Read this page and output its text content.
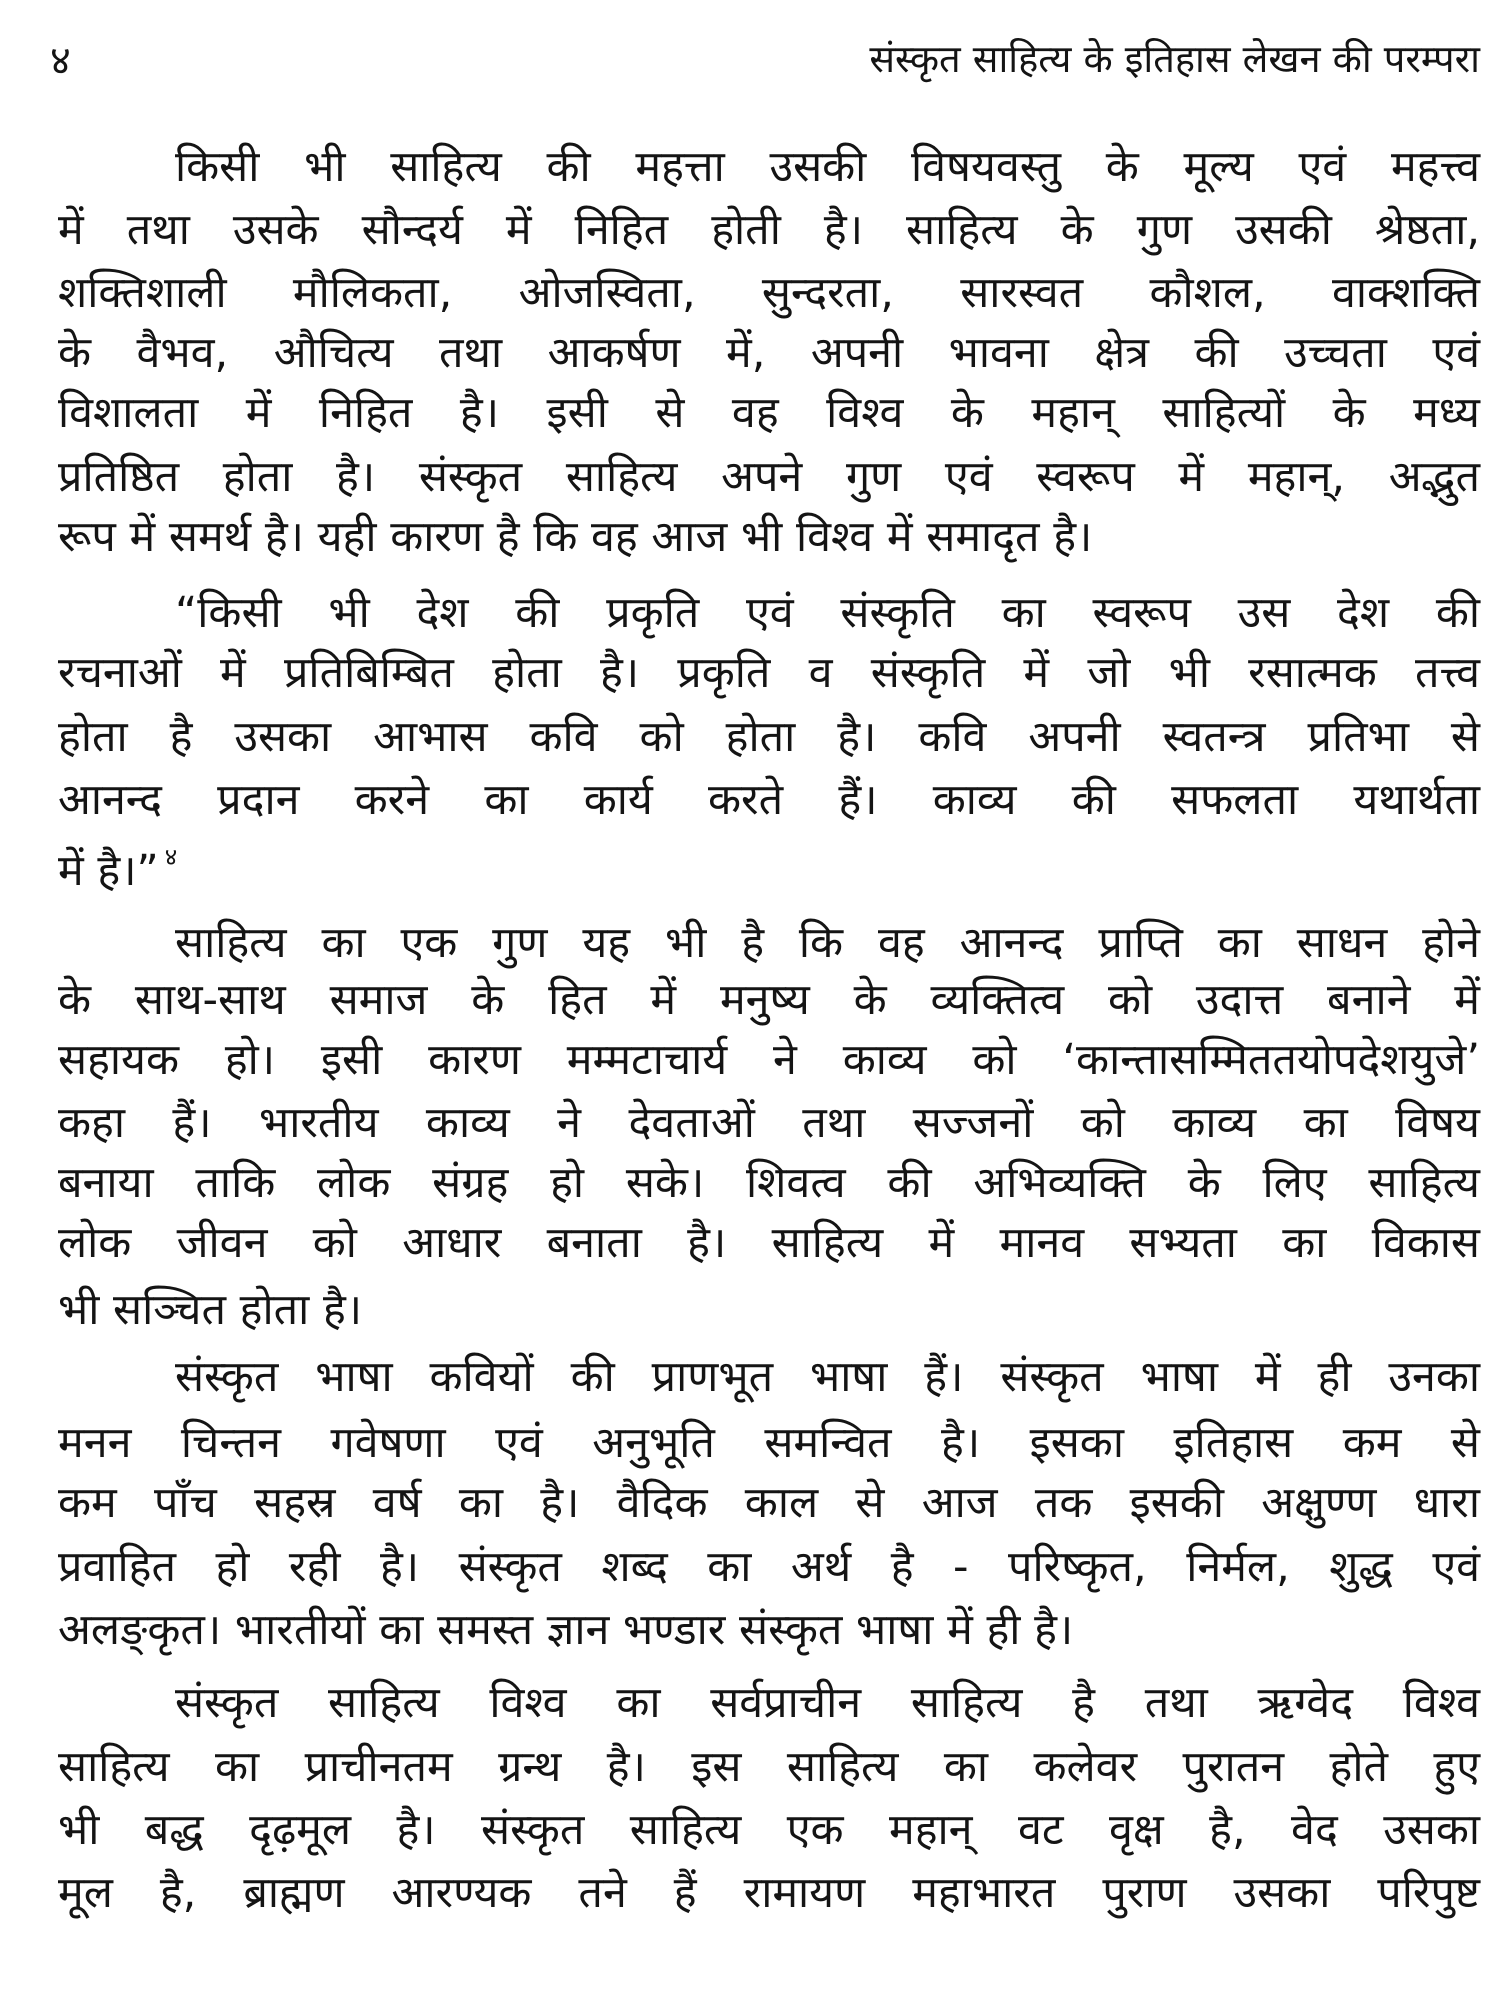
४	संस्कृत साहित्य के इतिहास लेखन की परम्परा
किसी भी साहित्य की महत्ता उसकी विषयवस्तु के मूल्य एवं महत्त्व
में तथा उसके सौन्दर्य में निहित होती है। साहित्य के गुण उसकी श्रेष्ठता,
शक्तिशाली मौलिकता, ओजस्विता, सुन्दरता, सारस्वत कौशल, वाक्शक्ति
के वैभव, औचित्य तथा आकर्षण में, अपनी भावना क्षेत्र की उच्चता एवं
विशालता में निहित है। इसी से वह विश्व के महान् साहित्यों के मध्य
प्रतिष्ठित होता है। संस्कृत साहित्य अपने गुण एवं स्वरूप में महान्, अद्भुत
रूप में समर्थ है। यही कारण है कि वह आज भी विश्व में समादृत है।
“किसी भी देश की प्रकृति एवं संस्कृति का स्वरूप उस देश की
रचनाओं में प्रतिबिम्बित होता है। प्रकृति व संस्कृति में जो भी रसात्मक तत्त्व
होता है उसका आभास कवि को होता है। कवि अपनी स्वतन्त्र प्रतिभा से
आनन्द प्रदान करने का कार्य करते हैं। काव्य की सफलता यथार्थता
में है।” $^४$
साहित्य का एक गुण यह भी है कि वह आनन्द प्राप्ति का साधन होने
के साथ-साथ समाज के हित में मनुष्य के व्यक्तित्व को उदात्त बनाने में
सहायक हो। इसी कारण मम्मटाचार्य ने काव्य को ‘कान्तासम्मिततयोपदेशयुजे’
कहा हैं। भारतीय काव्य ने देवताओं तथा सज्जनों को काव्य का विषय
बनाया ताकि लोक संग्रह हो सके। शिवत्व की अभिव्यक्ति के लिए साहित्य
लोक जीवन को आधार बनाता है। साहित्य में मानव सभ्यता का विकास
भी सञ्चित होता है।
संस्कृत भाषा कवियों की प्राणभूत भाषा हैं। संस्कृत भाषा में ही उनका
मनन चिन्तन गवेषणा एवं अनुभूति समन्वित है। इसका इतिहास कम से
कम पाँच सहस्र वर्ष का है। वैदिक काल से आज तक इसकी अक्षुण्ण धारा
प्रवाहित हो रही है। संस्कृत शब्द का अर्थ है - परिष्कृत, निर्मल, शुद्ध एवं
अलङ्कृत। भारतीयों का समस्त ज्ञान भण्डार संस्कृत भाषा में ही है।
संस्कृत साहित्य विश्व का सर्वप्राचीन साहित्य है तथा ऋग्वेद विश्व
साहित्य का प्राचीनतम ग्रन्थ है। इस साहित्य का कलेवर पुरातन होते हुए
भी बद्ध दृढ़मूल है। संस्कृत साहित्य एक महान् वट वृक्ष है, वेद उसका
मूल है, ब्राह्मण आरण्यक तने हैं रामायण महाभारत पुराण उसका परिपुष्ट
